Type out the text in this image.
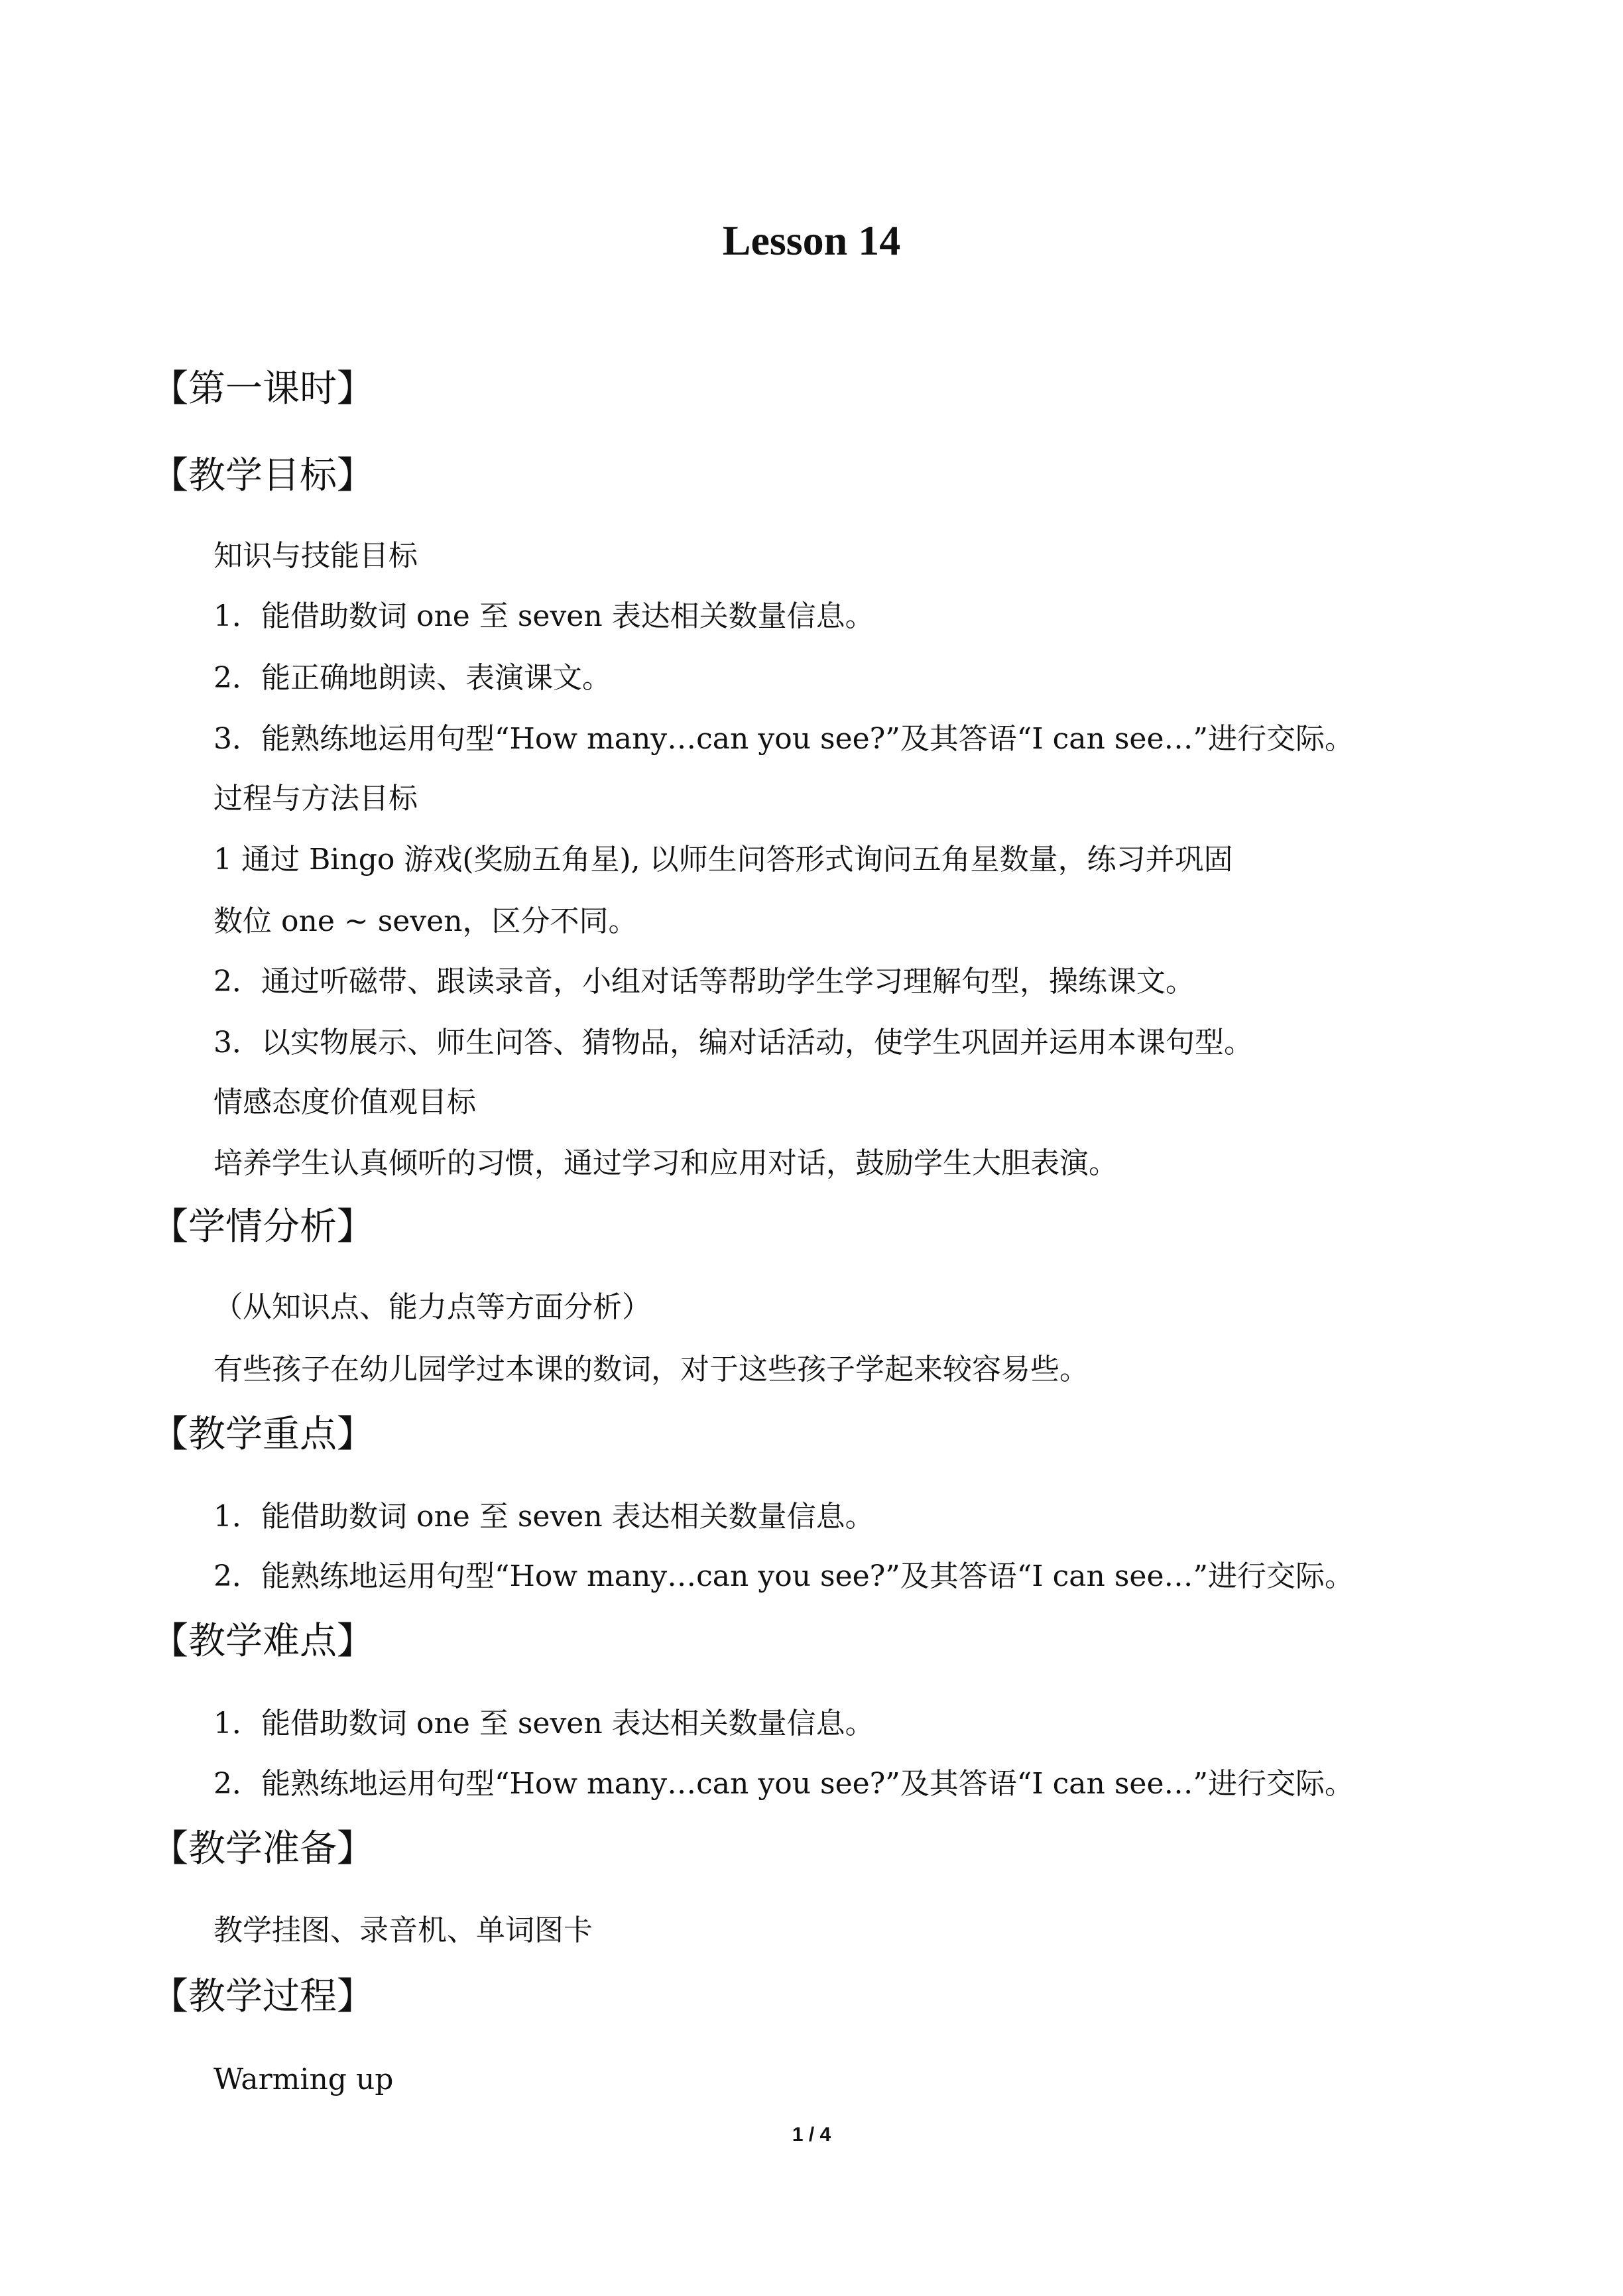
Lesson 14
【第一课时】
【教学目标】
知识与技能目标
1．能借助数词 one 至 seven 表达相关数量信息。
2．能正确地朗读、表演课文。
3．能熟练地运用句型“How many…can you see?”及其答语“I can see…”进行交际。
过程与方法目标
1 通过 Bingo 游戏(奖励五角星), 以师生问答形式询问五角星数量，练习并巩固
数位 one ~ seven，区分不同。
2．通过听磁带、跟读录音，小组对话等帮助学生学习理解句型，操练课文。
3．以实物展示、师生问答、猜物品，编对话活动，使学生巩固并运用本课句型。
情感态度价值观目标
培养学生认真倾听的习惯，通过学习和应用对话，鼓励学生大胆表演。
【学情分析】
（从知识点、能力点等方面分析）
有些孩子在幼儿园学过本课的数词，对于这些孩子学起来较容易些。
【教学重点】
1．能借助数词 one 至 seven 表达相关数量信息。
2．能熟练地运用句型“How many…can you see?”及其答语“I can see…”进行交际。
【教学难点】
1．能借助数词 one 至 seven 表达相关数量信息。
2．能熟练地运用句型“How many…can you see?”及其答语“I can see…”进行交际。
【教学准备】
教学挂图、录音机、单词图卡
【教学过程】
Warming up
1 / 4
